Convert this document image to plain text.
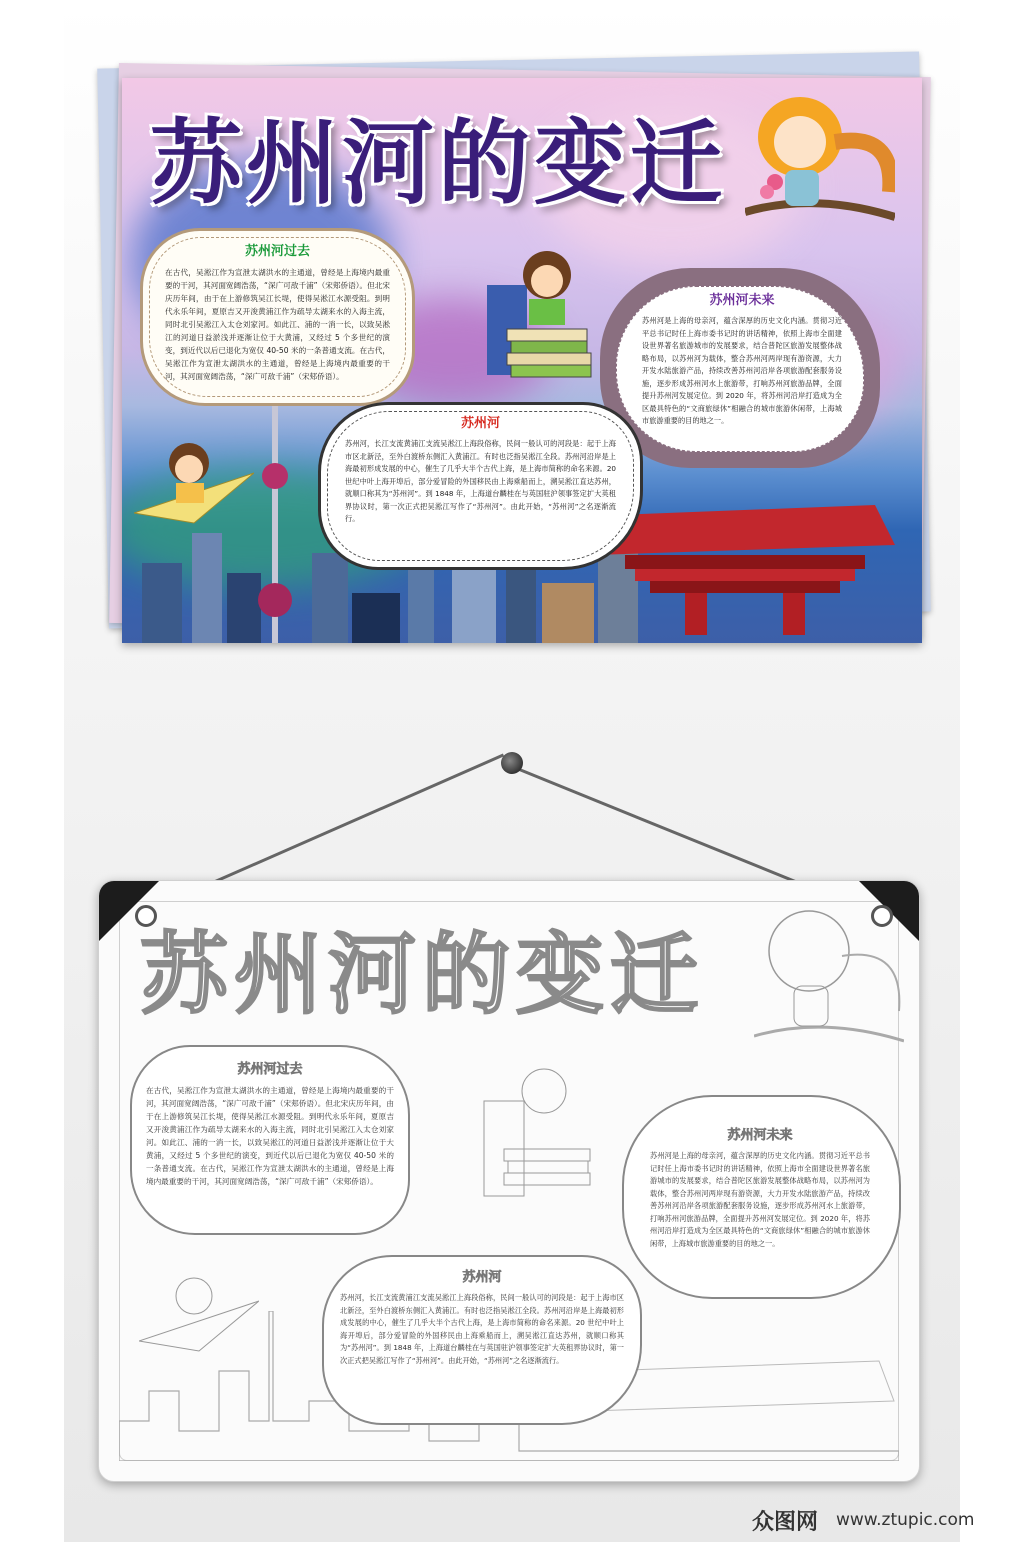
苏州河的变迁
苏州河过去
在古代，吴淞江作为宣泄太湖洪水的主通道，曾经是上海境内最重要的干河，其河面宽阔浩荡，“深广可敌千浦”（宋郏侨语）。但北宋庆历年间，由于在上游修筑吴江长堤，使得吴淞江水源受阻。到明代永乐年间，夏原吉又开浚黄浦江作为疏导太湖来水的入海主流，同时北引吴淞江入太仓刘家河。如此江、浦的一消一长，以致吴淞江的河道日益淤浅并逐渐让位于大黄浦，又经过 5 个多世纪的演变，到近代以后已退化为宽仅 40-50 米的一条普通支流。在古代，吴淞江作为宣泄太湖洪水的主通道，曾经是上海境内最重要的干河，其河面宽阔浩荡，“深广可敌千浦”（宋郏侨语）。
苏州河未来
苏州河是上海的母亲河，蕴含深厚的历史文化内涵。贯彻习近平总书记时任上海市委书记时的讲话精神，依照上海市全面建设世界著名旅游城市的发展要求，结合普陀区旅游发展整体战略布局，以苏州河为载体，整合苏州河两岸现有游资源，大力开发水陆旅游产品，持续改善苏州河沿岸各项旅游配套服务设施，逐步形成苏州河水上旅游带，打响苏州河旅游品牌，全面提升苏州河发展定位。到 2020 年，将苏州河沿岸打造成为全区最具特色的“文商旅绿休”相融合的城市旅游休闲带，上海城市旅游重要的目的地之一。
苏州河
苏州河，长江支流黄浦江支流吴淞江上海段俗称，民间一般认可的河段是：起于上海市区北新泾，至外白渡桥东侧汇入黄浦江。有时也泛指吴淞江全段。苏州河沿岸是上海最初形成发展的中心，催生了几乎大半个古代上海，是上海市简称的命名来源。20 世纪中叶上海开埠后，部分爱冒险的外国移民由上海乘船而上，溯吴淞江直达苏州，就顺口称其为“苏州河”。到 1848 年，上海道台麟桂在与英国驻沪领事签定扩大英租界协议时，第一次正式把吴淞江写作了“苏州河”。由此开始，“苏州河”之名逐渐流行。
苏州河的变迁
苏州河过去
在古代，吴淞江作为宣泄太湖洪水的主通道，曾经是上海境内最重要的干河，其河面宽阔浩荡，“深广可敌千浦”（宋郏侨语）。但北宋庆历年间，由于在上游修筑吴江长堤，使得吴淞江水源受阻。到明代永乐年间，夏原吉又开浚黄浦江作为疏导太湖来水的入海主流，同时北引吴淞江入太仓刘家河。如此江、浦的一消一长，以致吴淞江的河道日益淤浅并逐渐让位于大黄浦，又经过 5 个多世纪的演变，到近代以后已退化为宽仅 40-50 米的一条普通支流。在古代，吴淞江作为宣泄太湖洪水的主通道，曾经是上海境内最重要的干河，其河面宽阔浩荡，“深广可敌千浦”（宋郏侨语）。
苏州河未来
苏州河是上海的母亲河，蕴含深厚的历史文化内涵。贯彻习近平总书记时任上海市委书记时的讲话精神，依照上海市全面建设世界著名旅游城市的发展要求，结合普陀区旅游发展整体战略布局，以苏州河为载体，整合苏州河两岸现有游资源，大力开发水陆旅游产品，持续改善苏州河沿岸各项旅游配套服务设施，逐步形成苏州河水上旅游带，打响苏州河旅游品牌，全面提升苏州河发展定位。到 2020 年，将苏州河沿岸打造成为全区最具特色的“文商旅绿休”相融合的城市旅游休闲带，上海城市旅游重要的目的地之一。
苏州河
苏州河，长江支流黄浦江支流吴淞江上海段俗称，民间一般认可的河段是：起于上海市区北新泾，至外白渡桥东侧汇入黄浦江。有时也泛指吴淞江全段。苏州河沿岸是上海最初形成发展的中心，催生了几乎大半个古代上海，是上海市简称的命名来源。20 世纪中叶上海开埠后，部分爱冒险的外国移民由上海乘船而上，溯吴淞江直达苏州，就顺口称其为“苏州河”。到 1848 年，上海道台麟桂在与英国驻沪领事签定扩大英租界协议时，第一次正式把吴淞江写作了“苏州河”。由此开始，“苏州河”之名逐渐流行。
众图网 www.ztupic.com
